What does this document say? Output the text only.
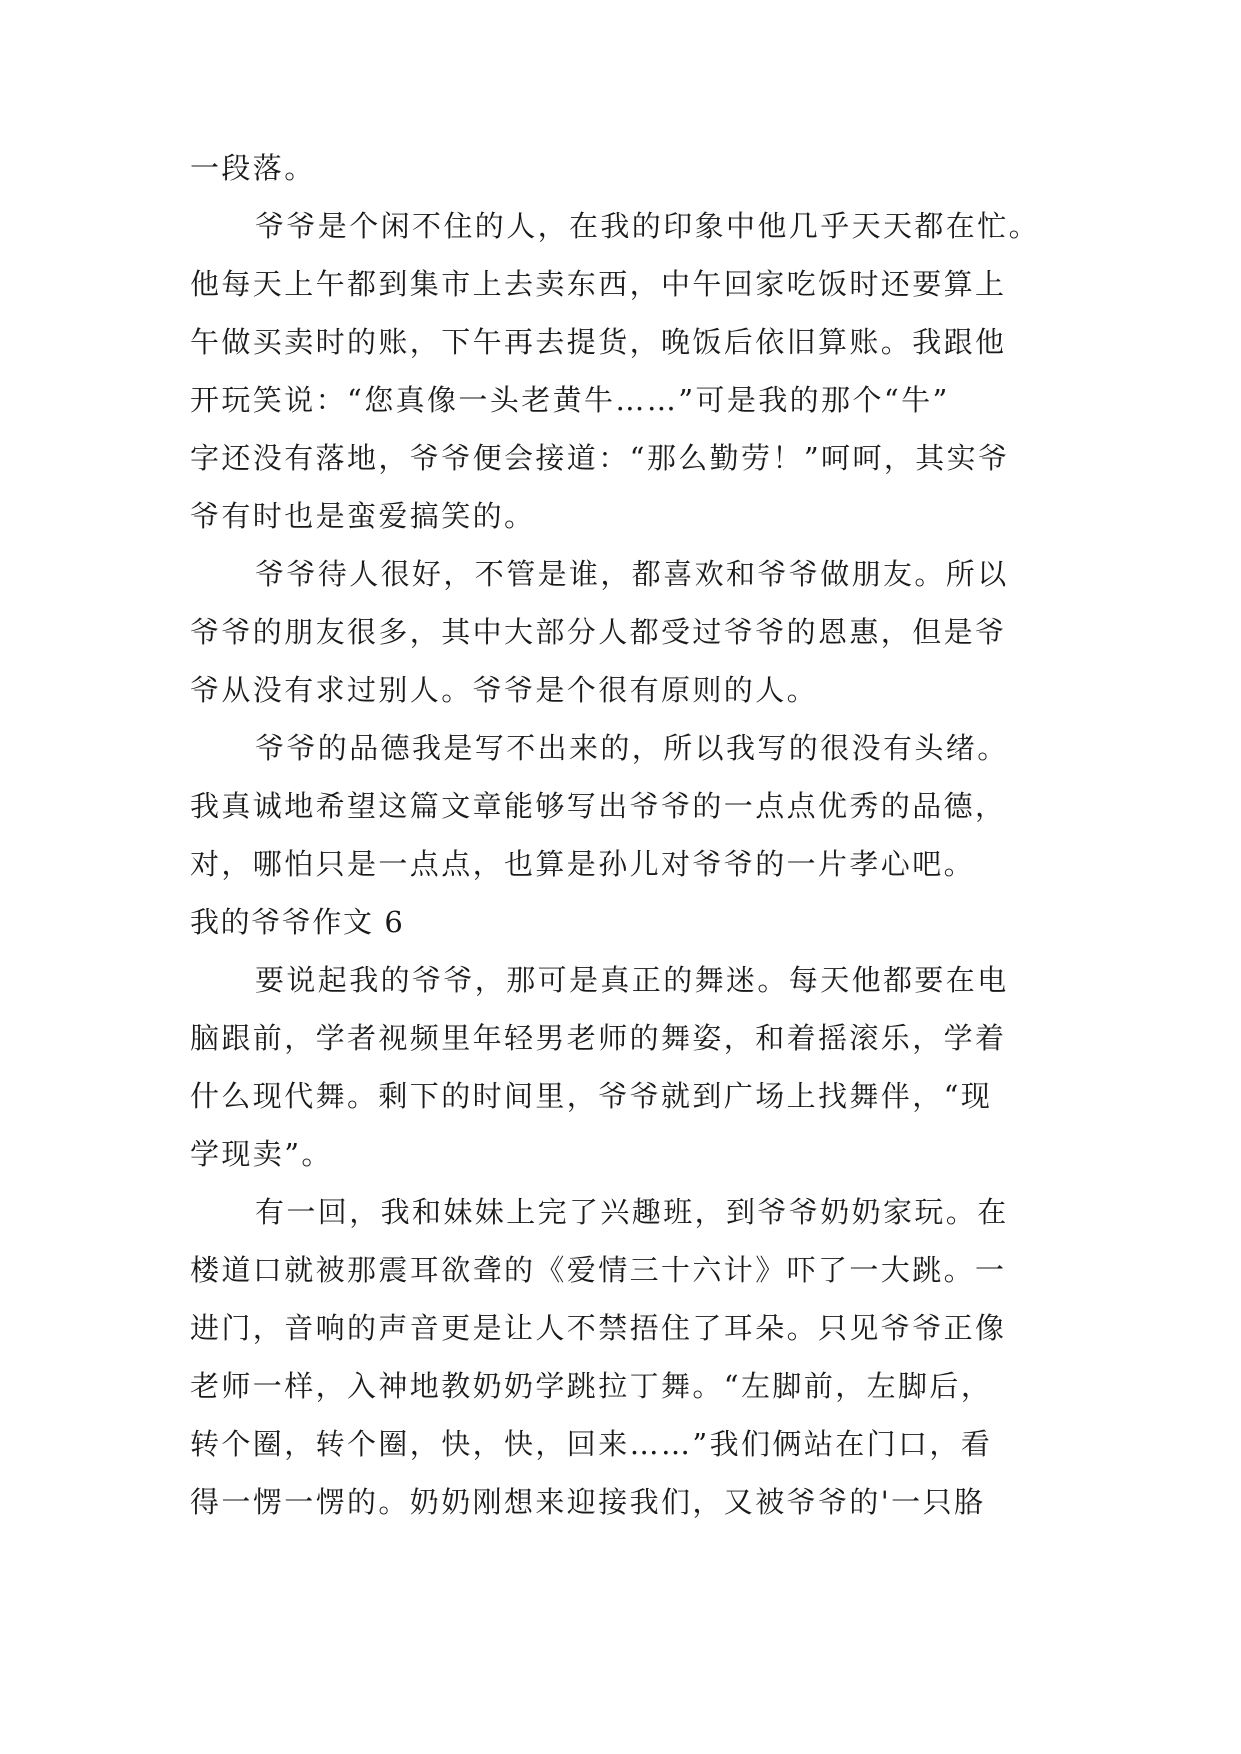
一段落。

爷爷是个闲不住的人，在我的印象中他几乎天天都在忙。

他每天上午都到集市上去卖东西，中午回家吃饭时还要算上

午做买卖时的账，下午再去提货，晚饭后依旧算账。我跟他

开玩笑说：“您真像一头老黄牛……”可是我的那个“牛”

字还没有落地，爷爷便会接道：“那么勤劳！”呵呵，其实爷

爷有时也是蛮爱搞笑的。

爷爷待人很好，不管是谁，都喜欢和爷爷做朋友。所以

爷爷的朋友很多，其中大部分人都受过爷爷的恩惠，但是爷

爷从没有求过别人。爷爷是个很有原则的人。

爷爷的品德我是写不出来的，所以我写的很没有头绪。

我真诚地希望这篇文章能够写出爷爷的一点点优秀的品德，

对，哪怕只是一点点，也算是孙儿对爷爷的一片孝心吧。

我的爷爷作文 6

要说起我的爷爷，那可是真正的舞迷。每天他都要在电

脑跟前，学者视频里年轻男老师的舞姿，和着摇滚乐，学着

什么现代舞。剩下的时间里，爷爷就到广场上找舞伴，“现

学现卖”。

有一回，我和妹妹上完了兴趣班，到爷爷奶奶家玩。在

楼道口就被那震耳欲聋的《爱情三十六计》吓了一大跳。一

进门，音响的声音更是让人不禁捂住了耳朵。只见爷爷正像

老师一样，入神地教奶奶学跳拉丁舞。“左脚前，左脚后，

转个圈，转个圈，快，快，回来……”我们俩站在门口，看

得一愣一愣的。奶奶刚想来迎接我们，又被爷爷的'一只胳
